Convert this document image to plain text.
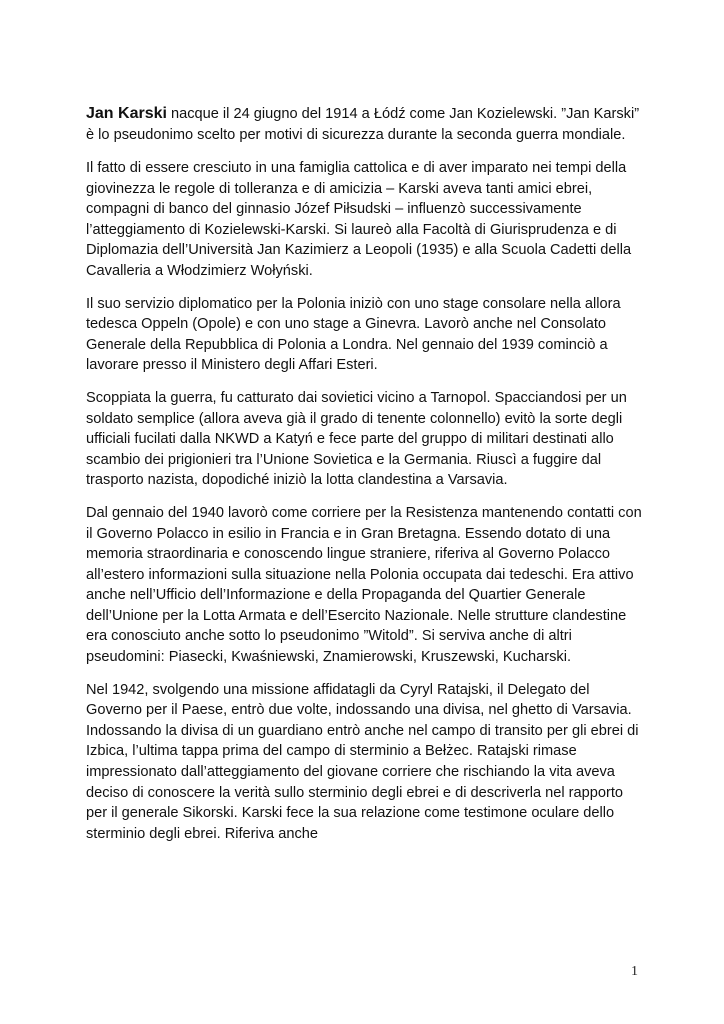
Jan Karski nacque il 24 giugno del 1914 a Łódź come Jan Kozielewski. ”Jan Karski” è lo pseudonimo scelto per motivi di sicurezza durante la seconda guerra mondiale.

Il fatto di essere cresciuto in una famiglia cattolica e di aver imparato nei tempi della giovinezza le regole di tolleranza e di amicizia – Karski aveva tanti amici ebrei, compagni di banco del ginnasio Józef Piłsudski – influenzò successivamente l’atteggiamento di Kozielewski-Karski. Si laureò alla Facoltà di Giurisprudenza e di Diplomazia dell’Università Jan Kazimierz a Leopoli (1935) e alla Scuola Cadetti della Cavalleria a Włodzimierz Wołyński.

Il suo servizio diplomatico per la Polonia iniziò con uno stage consolare nella allora tedesca Oppeln (Opole) e con uno stage a Ginevra. Lavorò anche nel Consolato Generale della Repubblica di Polonia a Londra. Nel gennaio del 1939 cominciò a lavorare presso il Ministero degli Affari Esteri.

Scoppiata la guerra, fu catturato dai sovietici vicino a Tarnopol. Spacciandosi per un soldato semplice (allora aveva già il grado di tenente colonnello) evitò la sorte degli ufficiali fucilati dalla NKWD a Katyń e fece parte del gruppo di militari destinati allo scambio dei prigionieri tra l’Unione Sovietica e la Germania. Riuscì a fuggire dal trasporto nazista, dopodiché iniziò la lotta clandestina a Varsavia.

Dal gennaio del 1940 lavorò come corriere per la Resistenza mantenendo contatti con il Governo Polacco in esilio in Francia e in Gran Bretagna. Essendo dotato di una memoria straordinaria e conoscendo lingue straniere, riferiva al Governo Polacco all’estero informazioni sulla situazione nella Polonia occupata dai tedeschi. Era attivo anche nell’Ufficio dell’Informazione e della Propaganda del Quartier Generale dell’Unione per la Lotta Armata e dell’Esercito Nazionale. Nelle strutture clandestine era conosciuto anche sotto lo pseudonimo ”Witold”. Si serviva anche di altri pseudomini: Piasecki, Kwaśniewski, Znamierowski, Kruszewski, Kucharski.

Nel 1942, svolgendo una missione affidatagli da Cyryl Ratajski, il Delegato del Governo per il Paese, entrò due volte, indossando una divisa, nel ghetto di Varsavia. Indossando la divisa di un guardiano entrò anche nel campo di transito per gli ebrei di Izbica, l’ultima tappa prima del campo di sterminio a Bełżec. Ratajski rimase impressionato dall’atteggiamento del giovane corriere che rischiando la vita aveva deciso di conoscere la verità sullo sterminio degli ebrei e di descriverla nel rapporto per il generale Sikorski. Karski fece la sua relazione come testimone oculare dello sterminio degli ebrei. Riferiva anche

1
